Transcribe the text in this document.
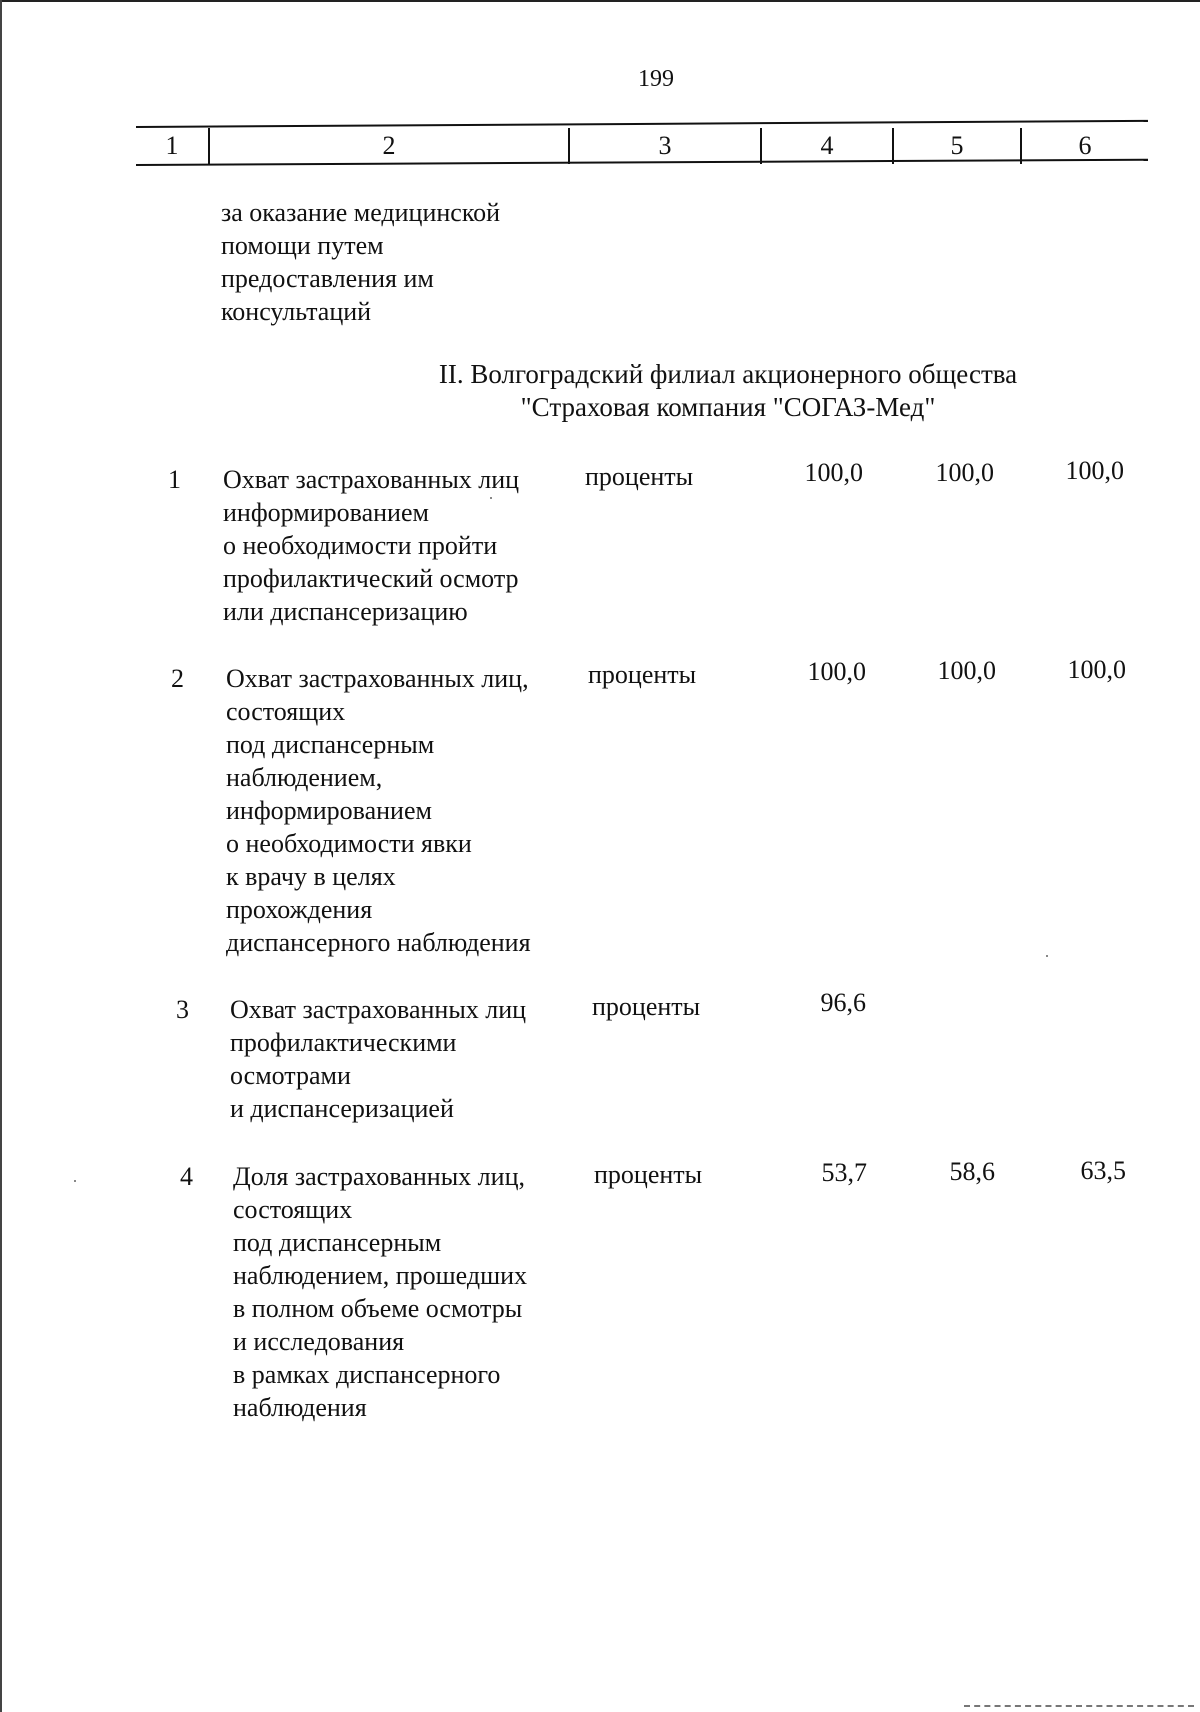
199
1	2	3	4	5	6
за оказание медицинской
помощи путем
предоставления им
консультаций
II. Волгоградский филиал акционерного общества
"Страховая компания "СОГАЗ-Мед"
1 Охват застрахованных лиц
информированием
о необходимости пройти
профилактический осмотр
или диспансеризацию
проценты	100,0	100,0	100,0
2 Охват застрахованных лиц,
состоящих
под диспансерным
наблюдением,
информированием
о необходимости явки
к врачу в целях
прохождения
диспансерного наблюдения
проценты	100,0	100,0	100,0
3 Охват застрахованных лиц
профилактическими
осмотрами
и диспансеризацией
проценты	96,6
4 Доля застрахованных лиц,
состоящих
под диспансерным
наблюдением, прошедших
в полном объеме осмотры
и исследования
в рамках диспансерного
наблюдения
проценты	53,7	58,6	63,5
